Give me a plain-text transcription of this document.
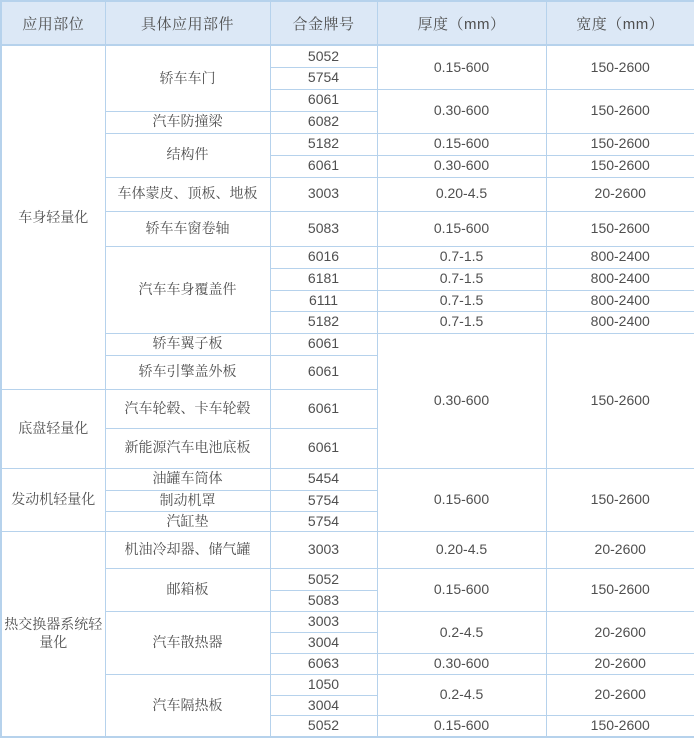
应用部位	具体应用部件	合金牌号	厚度（mm）	宽度（mm）
车身轻量化	轿车车门	5052	0.15-600	150-2600
		5754		
		6061	0.30-600	150-2600
	汽车防撞梁	6082		
	结构件	5182	0.15-600	150-2600
		6061	0.30-600	150-2600
	车体蒙皮、顶板、地板	3003	0.20-4.5	20-2600
	轿车车窗卷轴	5083	0.15-600	150-2600
	汽车车身覆盖件	6016	0.7-1.5	800-2400
		6181	0.7-1.5	800-2400
		6111	0.7-1.5	800-2400
		5182	0.7-1.5	800-2400
	轿车翼子板	6061	0.30-600	150-2600
	轿车引擎盖外板	6061		
底盘轻量化	汽车轮毂、卡车轮毂	6061		
	新能源汽车电池底板	6061		
发动机轻量化	油罐车筒体	5454	0.15-600	150-2600
	制动机罩	5754		
	汽缸垫	5754		
热交换器系统轻量化	机油冷却器、储气罐	3003	0.20-4.5	20-2600
	邮箱板	5052	0.15-600	150-2600
		5083		
	汽车散热器	3003	0.2-4.5	20-2600
		3004		
		6063	0.30-600	20-2600
	汽车隔热板	1050	0.2-4.5	20-2600
		3004		
		5052	0.15-600	150-2600
